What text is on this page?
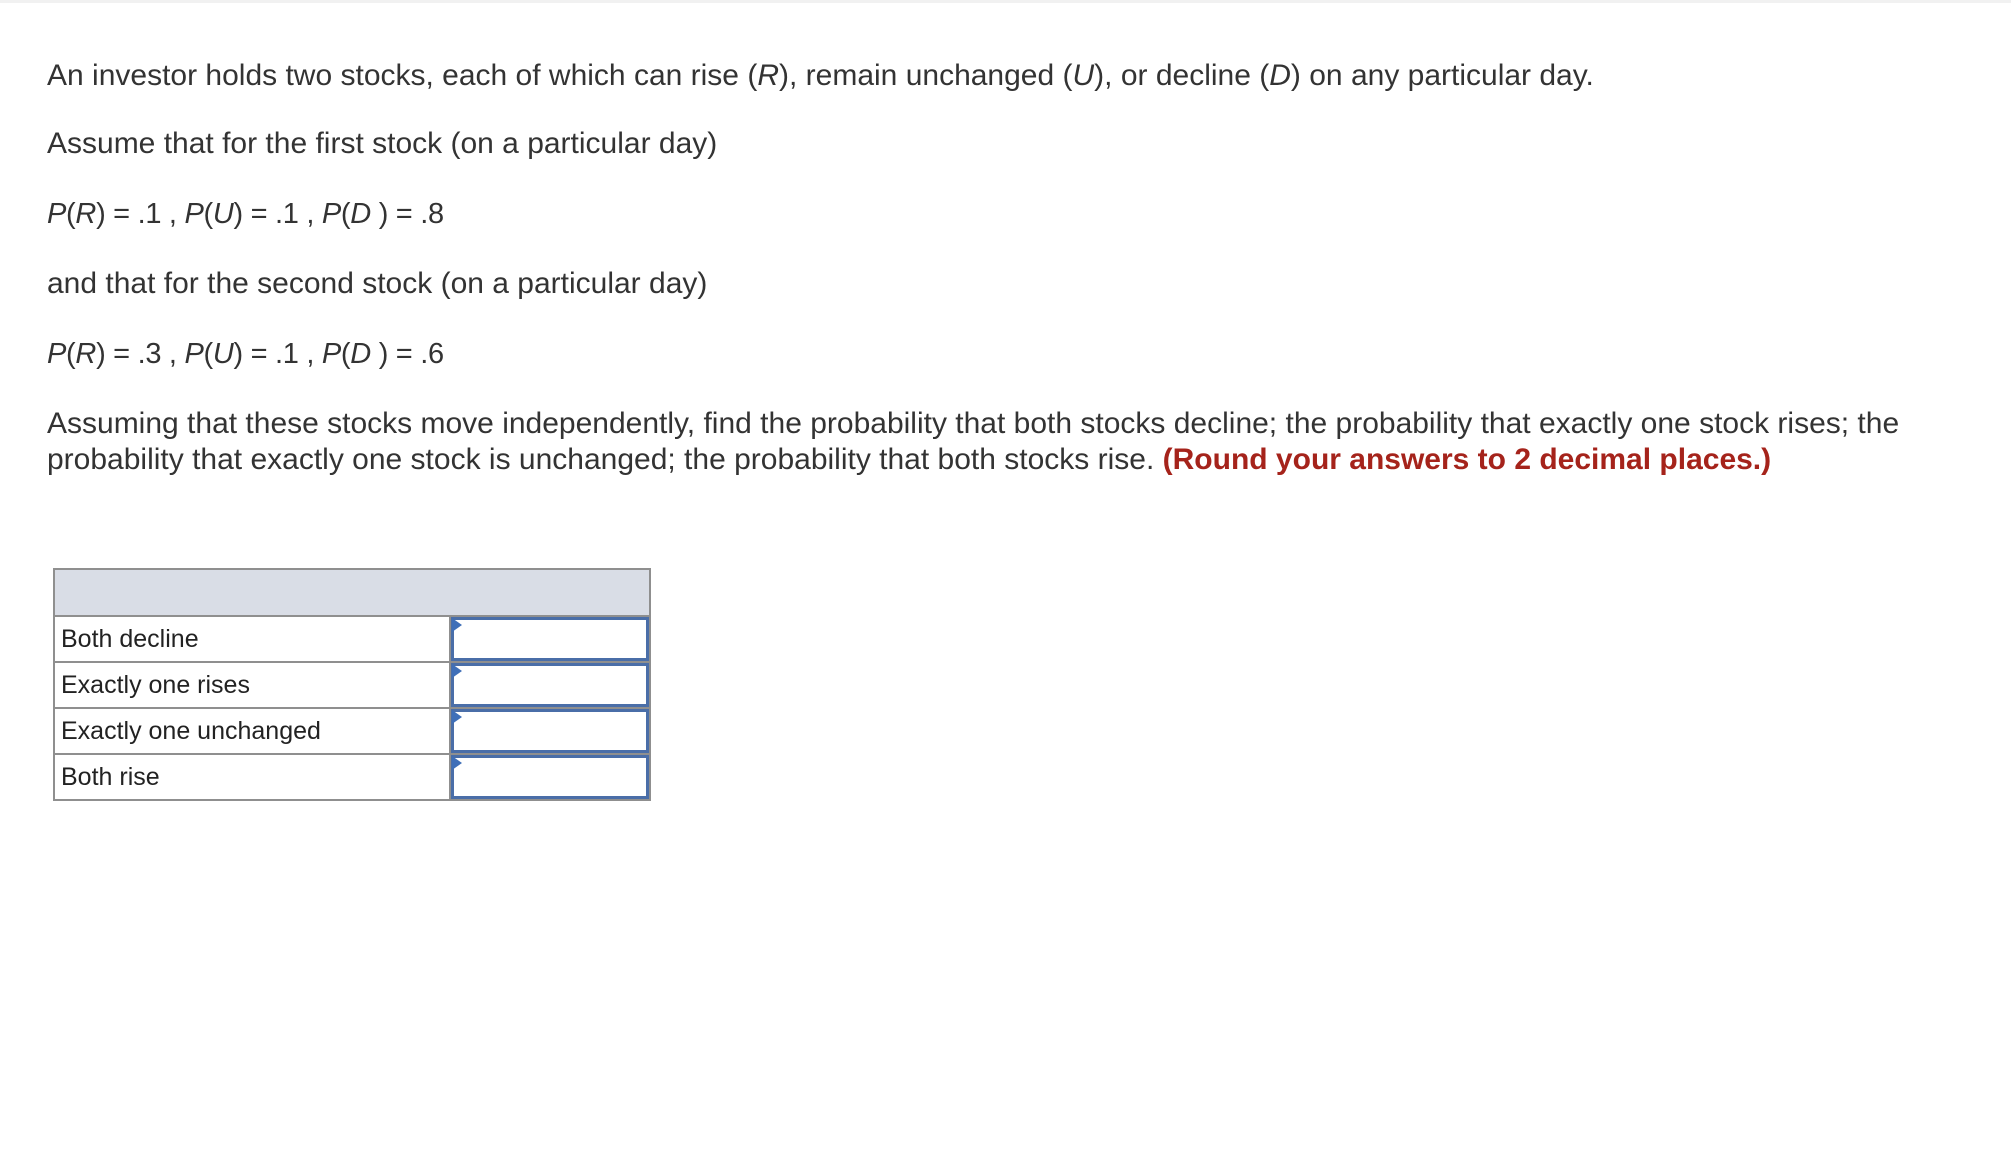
An investor holds two stocks, each of which can rise (R), remain unchanged (U), or decline (D) on any particular day.

Assume that for the first stock (on a particular day)

P(R) = .1 , P(U) = .1 , P(D ) = .8

and that for the second stock (on a particular day)

P(R) = .3 , P(U) = .1 , P(D ) = .6

Assuming that these stocks move independently, find the probability that both stocks decline; the probability that exactly one stock rises; the probability that exactly one stock is unchanged; the probability that both stocks rise. (Round your answers to 2 decimal places.)

Both decline	

Exactly one rises	

Exactly one unchanged	

Both rise	
